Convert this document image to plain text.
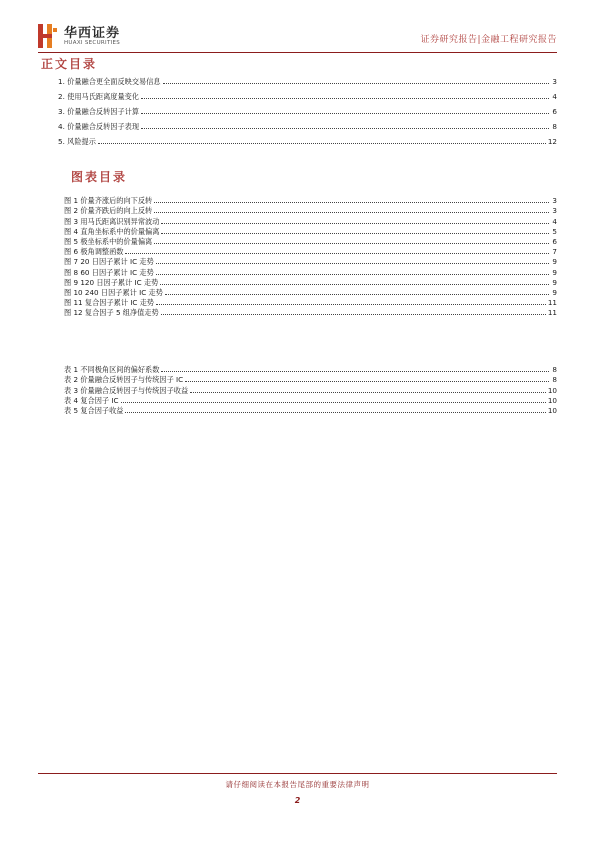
华西证券
HUAXI SECURITIES	证券研究报告|金融工程研究报告
正文目录
1. 价量融合更全面反映交易信息	3
2. 使用马氏距离度量变化	4
3. 价量融合反转因子计算	6
4. 价量融合反转因子表现	8
5. 风险提示	12
图表目录
图 1 价量齐涨后的向下反转	3
图 2 价量齐跌后的向上反转	3
图 3 用马氏距离识别异常波动	4
图 4 直角坐标系中的价量偏离	5
图 5 极坐标系中的价量偏离	6
图 6 极角调整函数	7
图 7 20 日因子累计 IC 走势	9
图 8 60 日因子累计 IC 走势	9
图 9 120 日因子累计 IC 走势	9
图 10 240 日因子累计 IC 走势	9
图 11 复合因子累计 IC 走势	11
图 12 复合因子 5 组净值走势	11
表 1 不同极角区间的偏好系数	8
表 2 价量融合反转因子与传统因子 IC	8
表 3 价量融合反转因子与传统因子收益	10
表 4 复合因子 IC	10
表 5 复合因子收益	10
请仔细阅读在本报告尾部的重要法律声明
2
